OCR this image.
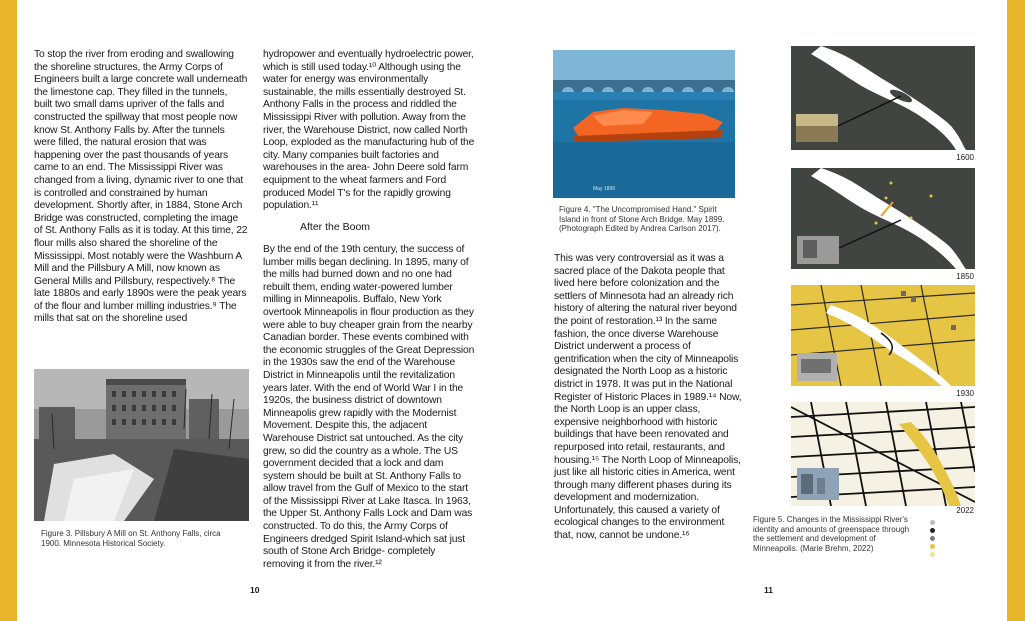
To stop the river from eroding and swallowing the shoreline structures, the Army Corps of Engineers built a large concrete wall underneath the limestone cap. They filled in the tunnels, built two small dams upriver of the falls and constructed the spillway that most people now know St. Anthony Falls by. After the tunnels were filled, the natural erosion that was happening over the past thousands of years came to an end. The Mississippi River was changed from a living, dynamic river to one that is controlled and constrained by human development. Shortly after, in 1884, Stone Arch Bridge was constructed, completing the image of St. Anthony Falls as it is today. At this time, 22 flour mills also shared the shoreline of the Mississippi. Most notably were the Washburn A Mill and the Pillsbury A Mill, now known as General Mills and Pillsbury, respectively.⁸ The late 1880s and early 1890s were the peak years of the flour and lumber milling industries.⁹ The mills that sat on the shoreline used

Figure 3. Pillsbury A Mill on St. Anthony Falls, circa 1900. Minnesota Historical Society.

hydropower and eventually hydroelectric power, which is still used today.¹⁰ Although using the water for energy was environmentally sustainable, the mills essentially destroyed St. Anthony Falls in the process and riddled the Mississippi River with pollution. Away from the river, the Warehouse District, now called North Loop, exploded as the manufacturing hub of the city. Many companies built factories and warehouses in the area- John Deere sold farm equipment to the wheat farmers and Ford produced Model T's for the rapidly growing population.¹¹

After the Boom

By the end of the 19th century, the success of lumber mills began declining. In 1895, many of the mills had burned down and no one had rebuilt them, ending water-powered lumber milling in Minneapolis. Buffalo, New York overtook Minneapolis in flour production as they were able to buy cheaper grain from the nearby Canadian border. These events combined with the economic struggles of the Great Depression in the 1930s saw the end of the Warehouse District in Minneapolis until the revitalization years later. With the end of World War I in the 1920s, the business district of downtown Minneapolis grew rapidly with the Modernist Movement. Despite this, the adjacent Warehouse District sat untouched. As the city grew, so did the country as a whole. The US government decided that a lock and dam system should be built at St. Anthony Falls to allow travel from the Gulf of Mexico to the start of the Mississippi River at Lake Itasca. In 1963, the Upper St. Anthony Falls Lock and Dam was constructed. To do this, the Army Corps of Engineers dredged Spirit Island-which sat just south of Stone Arch Bridge- completely removing it from the river.¹²

10
May 1899
Figure 4. "The Uncompromised Hand." Spirit Island in front of Stone Arch Bridge. May 1899. (Photograph Edited by Andrea Carlson 2017).

This was very controversial as it was a sacred place of the Dakota people that lived here before colonization and the settlers of Minnesota had an already rich history of altering the natural river beyond the point of restoration.¹³ In the same fashion, the once diverse Warehouse District underwent a process of gentrification when the city of Minneapolis designated the North Loop as a historic district in 1978. It was put in the National Register of Historic Places in 1989.¹⁴ Now, the North Loop is an upper class, expensive neighborhood with historic buildings that have been renovated and repurposed into retail, restaurants, and housing.¹⁵ The North Loop of Minneapolis, just like all historic cities in America, went through many different phases during its development and modernization. Unfortunately, this caused a variety of ecological changes to the environment that, now, cannot be undone.¹⁶

1600
1850
1930
2022
Figure 5. Changes in the Mississippi River's identity and amounts of greenspace through the settlement and development of Minneapolis. (Marie Brehm, 2022)
11
